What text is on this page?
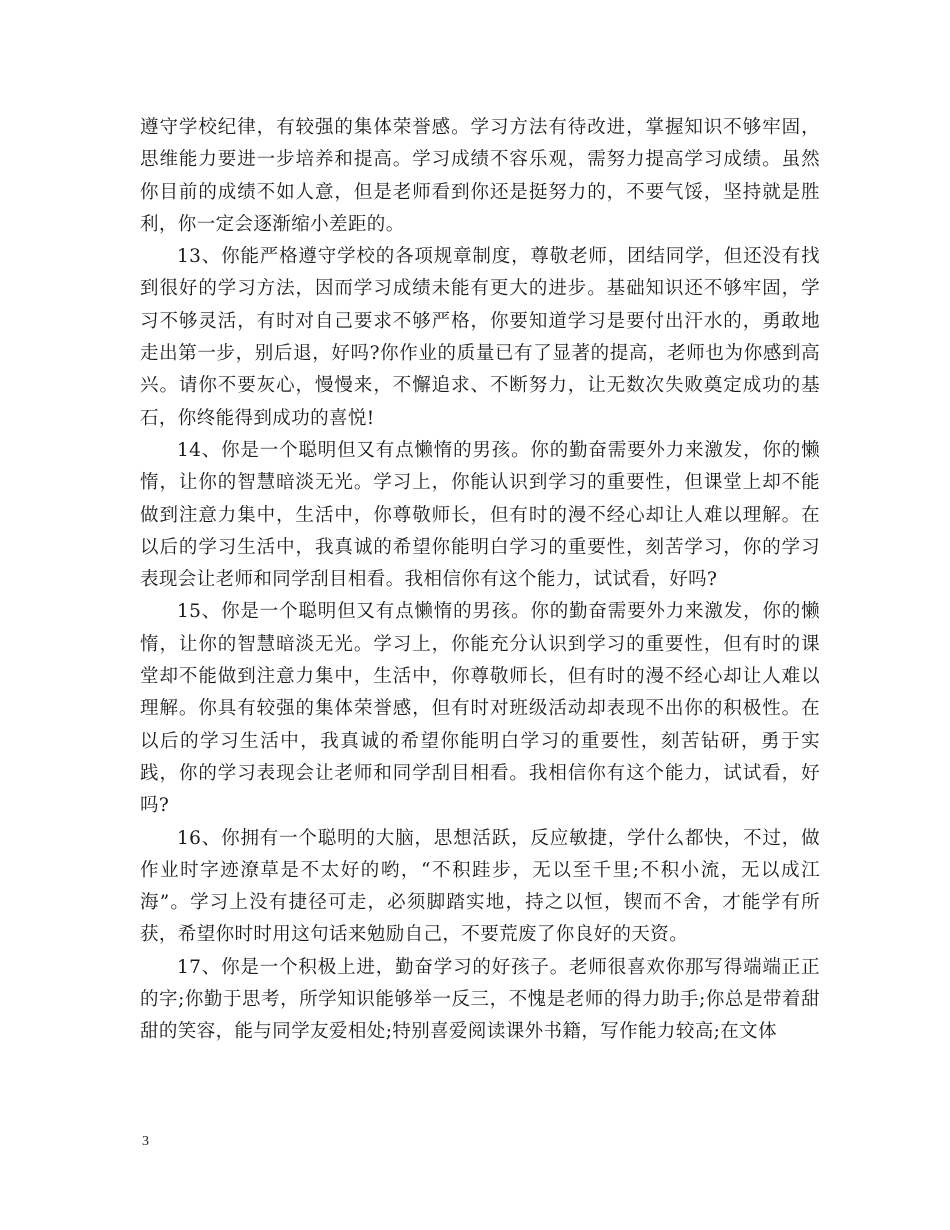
遵守学校纪律，有较强的集体荣誉感。学习方法有待改进，掌握知识不够牢固，思维能力要进一步培养和提高。学习成绩不容乐观，需努力提高学习成绩。虽然你目前的成绩不如人意，但是老师看到你还是挺努力的，不要气馁，坚持就是胜利，你一定会逐渐缩小差距的。

13、你能严格遵守学校的各项规章制度，尊敬老师，团结同学，但还没有找到很好的学习方法，因而学习成绩未能有更大的进步。基础知识还不够牢固，学习不够灵活，有时对自己要求不够严格，你要知道学习是要付出汗水的，勇敢地走出第一步，别后退，好吗?你作业的质量已有了显著的提高，老师也为你感到高兴。请你不要灰心，慢慢来，不懈追求、不断努力，让无数次失败奠定成功的基石，你终能得到成功的喜悦!

14、你是一个聪明但又有点懒惰的男孩。你的勤奋需要外力来激发，你的懒惰，让你的智慧暗淡无光。学习上，你能认识到学习的重要性，但课堂上却不能做到注意力集中，生活中，你尊敬师长，但有时的漫不经心却让人难以理解。在以后的学习生活中，我真诚的希望你能明白学习的重要性，刻苦学习，你的学习表现会让老师和同学刮目相看。我相信你有这个能力，试试看，好吗?

15、你是一个聪明但又有点懒惰的男孩。你的勤奋需要外力来激发，你的懒惰，让你的智慧暗淡无光。学习上，你能充分认识到学习的重要性，但有时的课堂却不能做到注意力集中，生活中，你尊敬师长，但有时的漫不经心却让人难以理解。你具有较强的集体荣誉感，但有时对班级活动却表现不出你的积极性。在以后的学习生活中，我真诚的希望你能明白学习的重要性，刻苦钻研，勇于实践，你的学习表现会让老师和同学刮目相看。我相信你有这个能力，试试看，好吗?

16、你拥有一个聪明的大脑，思想活跃，反应敏捷，学什么都快，不过，做作业时字迹潦草是不太好的哟，“不积跬步，无以至千里;不积小流，无以成江海”。学习上没有捷径可走，必须脚踏实地，持之以恒，锲而不舍，才能学有所获，希望你时时用这句话来勉励自己，不要荒废了你良好的天资。

17、你是一个积极上进，勤奋学习的好孩子。老师很喜欢你那写得端端正正的字;你勤于思考，所学知识能够举一反三，不愧是老师的得力助手;你总是带着甜甜的笑容，能与同学友爱相处;特别喜爱阅读课外书籍，写作能力较高;在文体

3
